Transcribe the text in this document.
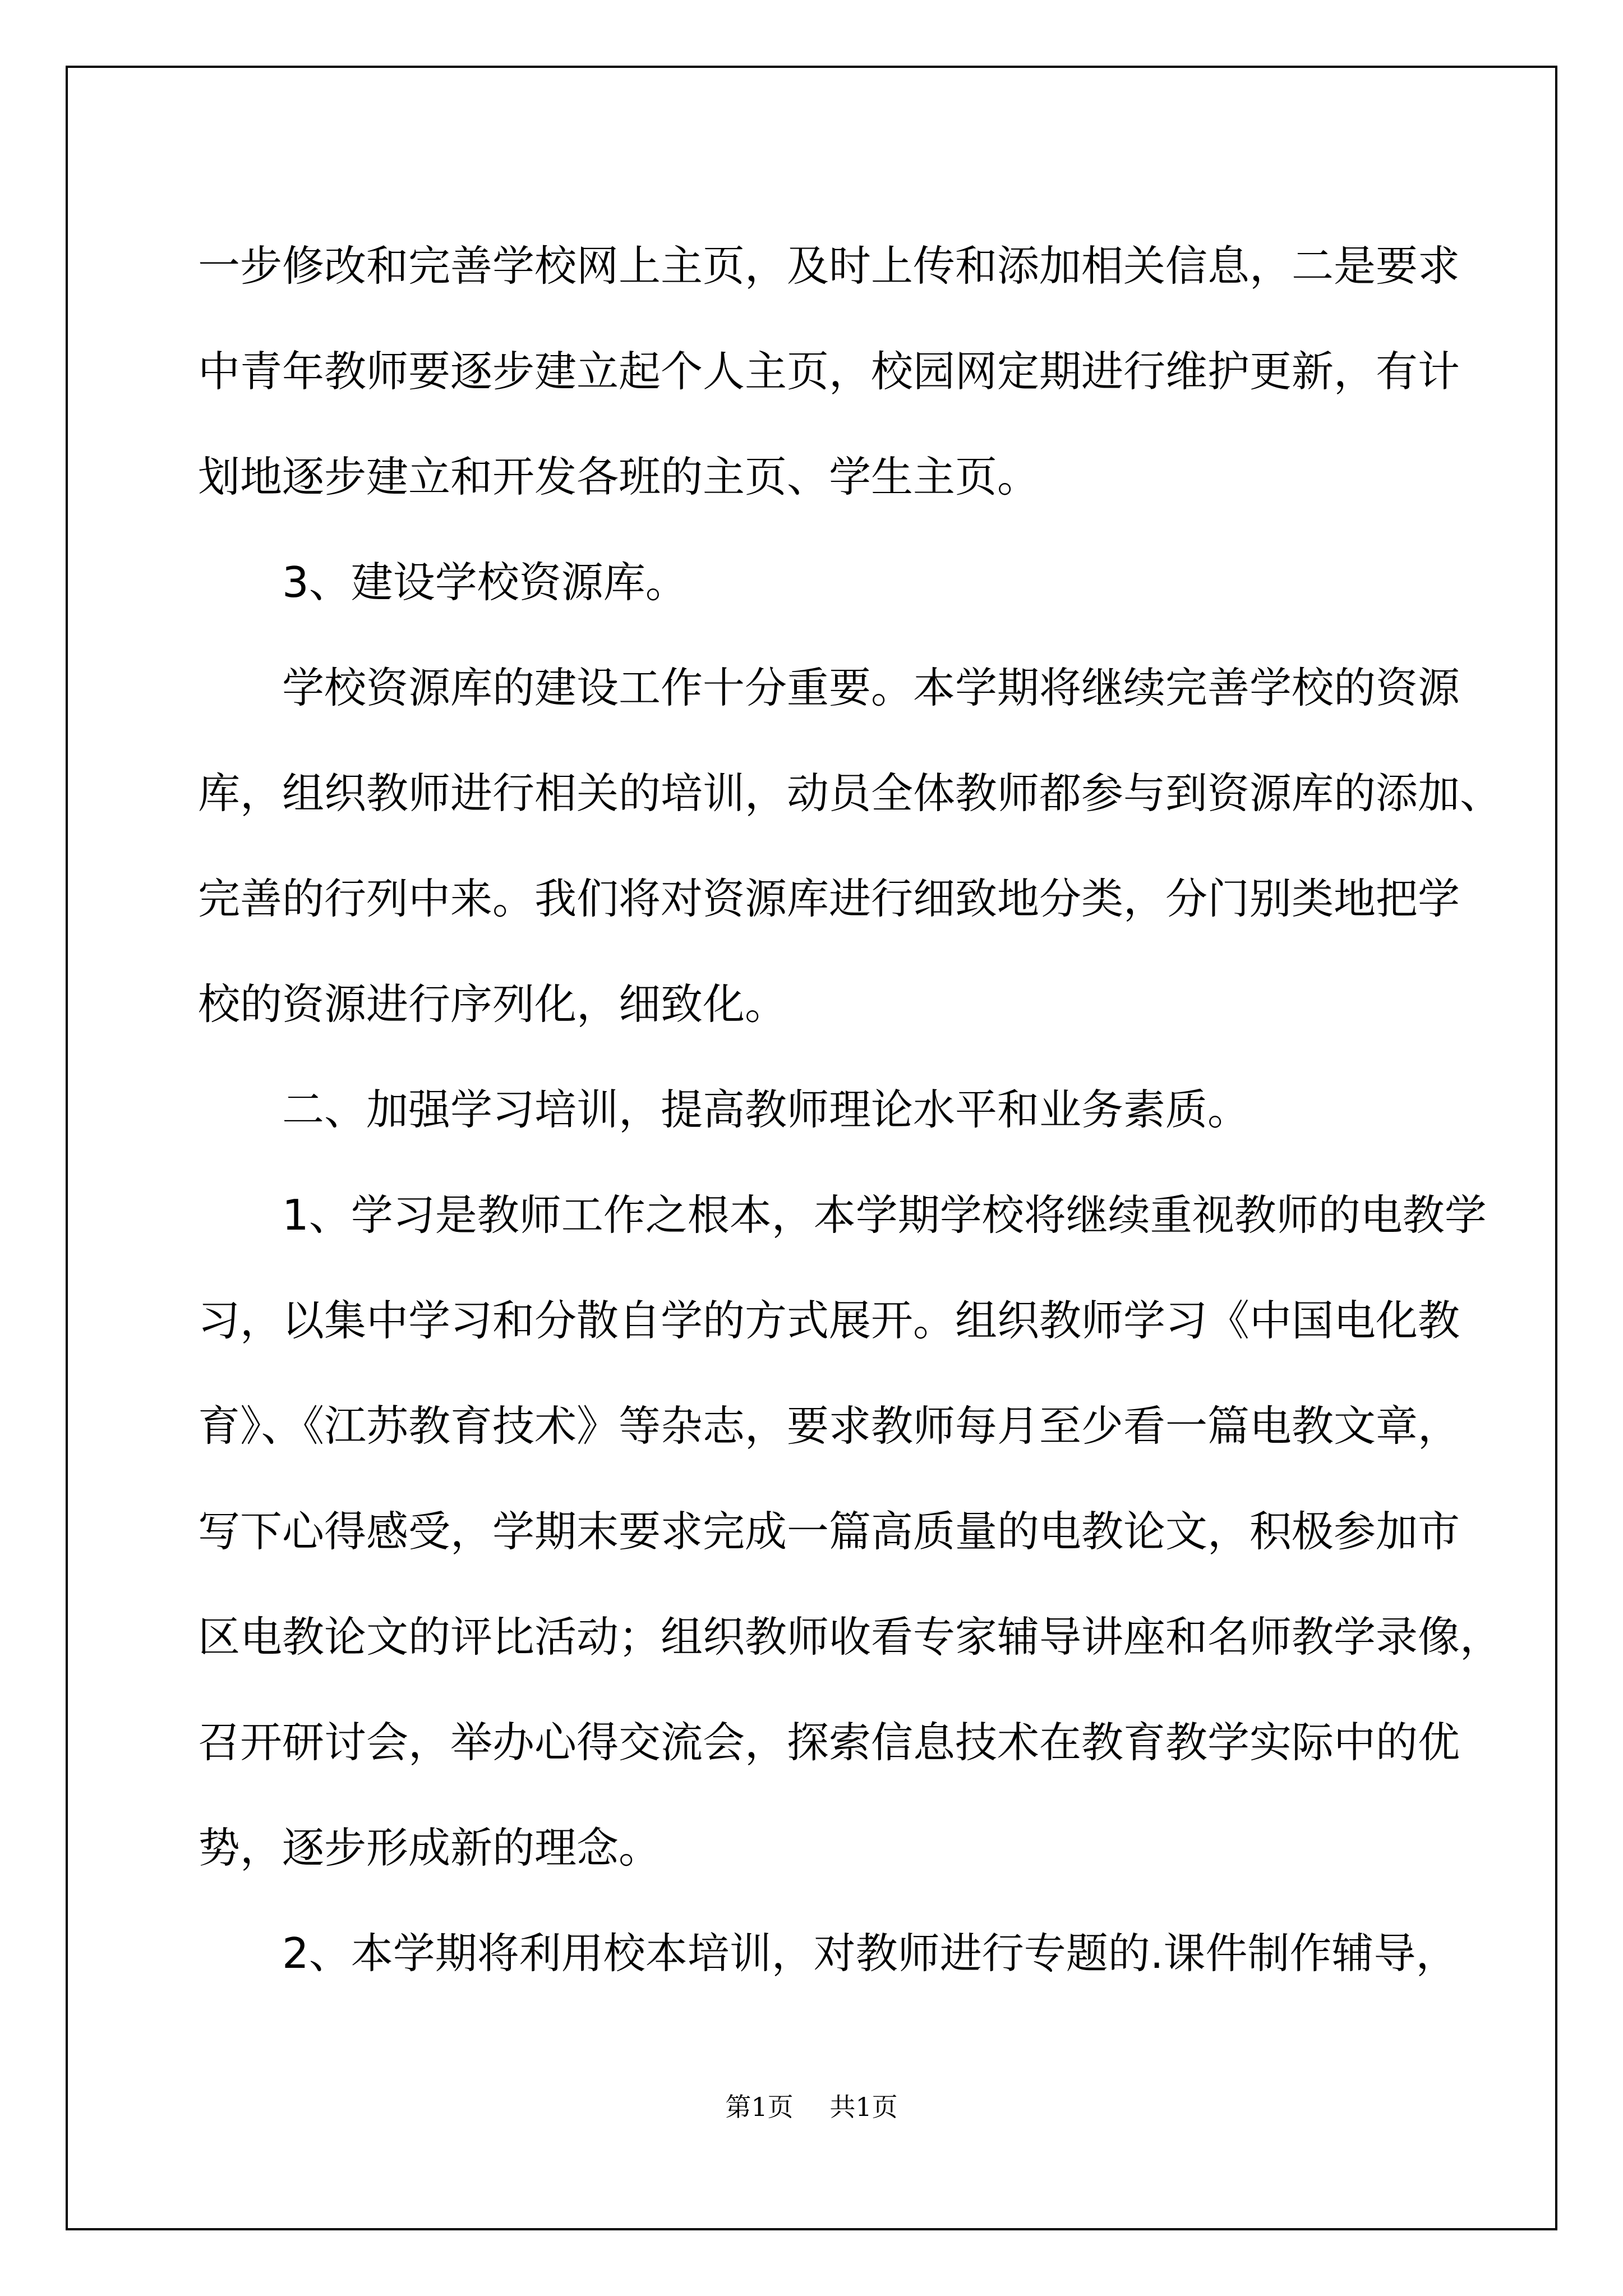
一步修改和完善学校网上主页，及时上传和添加相关信息，二是要求
中青年教师要逐步建立起个人主页，校园网定期进行维护更新，有计
划地逐步建立和开发各班的主页、学生主页。
3、建设学校资源库。
学校资源库的建设工作十分重要。本学期将继续完善学校的资源
库，组织教师进行相关的培训，动员全体教师都参与到资源库的添加、
完善的行列中来。我们将对资源库进行细致地分类，分门别类地把学
校的资源进行序列化，细致化。
二、加强学习培训，提高教师理论水平和业务素质。
1、学习是教师工作之根本，本学期学校将继续重视教师的电教学
习，以集中学习和分散自学的方式展开。组织教师学习《中国电化教
育》、《江苏教育技术》等杂志，要求教师每月至少看一篇电教文章，
写下心得感受，学期末要求完成一篇高质量的电教论文，积极参加市
区电教论文的评比活动；组织教师收看专家辅导讲座和名师教学录像，
召开研讨会，举办心得交流会，探索信息技术在教育教学实际中的优
势，逐步形成新的理念。
2、本学期将利用校本培训，对教师进行专题的.课件制作辅导，
第1页 共1页
